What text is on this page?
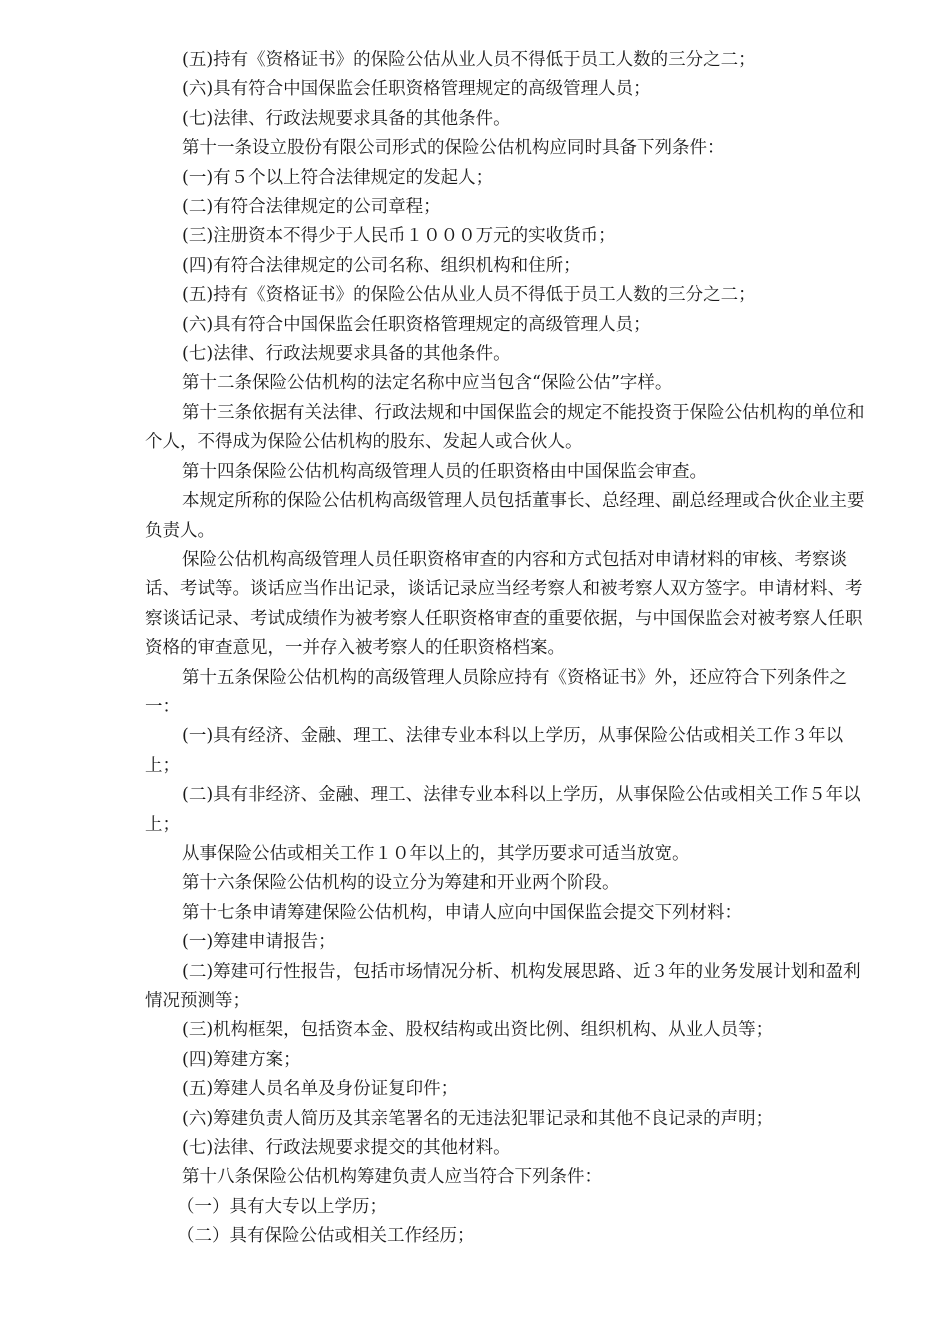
(五)持有《资格证书》的保险公估从业人员不得低于员工人数的三分之二；

(六)具有符合中国保监会任职资格管理规定的高级管理人员；

(七)法律、行政法规要求具备的其他条件。

第十一条设立股份有限公司形式的保险公估机构应同时具备下列条件：

(一)有５个以上符合法律规定的发起人；

(二)有符合法律规定的公司章程；

(三)注册资本不得少于人民币１０００万元的实收货币；

(四)有符合法律规定的公司名称、组织机构和住所；

(五)持有《资格证书》的保险公估从业人员不得低于员工人数的三分之二；

(六)具有符合中国保监会任职资格管理规定的高级管理人员；

(七)法律、行政法规要求具备的其他条件。

第十二条保险公估机构的法定名称中应当包含“保险公估”字样。

第十三条依据有关法律、行政法规和中国保监会的规定不能投资于保险公估机构的单位和个人，不得成为保险公估机构的股东、发起人或合伙人。

第十四条保险公估机构高级管理人员的任职资格由中国保监会审查。

本规定所称的保险公估机构高级管理人员包括董事长、总经理、副总经理或合伙企业主要负责人。

保险公估机构高级管理人员任职资格审查的内容和方式包括对申请材料的审核、考察谈话、考试等。谈话应当作出记录，谈话记录应当经考察人和被考察人双方签字。申请材料、考察谈话记录、考试成绩作为被考察人任职资格审查的重要依据，与中国保监会对被考察人任职资格的审查意见，一并存入被考察人的任职资格档案。

第十五条保险公估机构的高级管理人员除应持有《资格证书》外，还应符合下列条件之一：

(一)具有经济、金融、理工、法律专业本科以上学历，从事保险公估或相关工作３年以上；

(二)具有非经济、金融、理工、法律专业本科以上学历，从事保险公估或相关工作５年以上；

从事保险公估或相关工作１０年以上的，其学历要求可适当放宽。

第十六条保险公估机构的设立分为筹建和开业两个阶段。

第十七条申请筹建保险公估机构，申请人应向中国保监会提交下列材料：

(一)筹建申请报告；

(二)筹建可行性报告，包括市场情况分析、机构发展思路、近３年的业务发展计划和盈利情况预测等；

(三)机构框架，包括资本金、股权结构或出资比例、组织机构、从业人员等；

(四)筹建方案；

(五)筹建人员名单及身份证复印件；

(六)筹建负责人简历及其亲笔署名的无违法犯罪记录和其他不良记录的声明；

(七)法律、行政法规要求提交的其他材料。

第十八条保险公估机构筹建负责人应当符合下列条件：

（一）具有大专以上学历；

（二）具有保险公估或相关工作经历；
